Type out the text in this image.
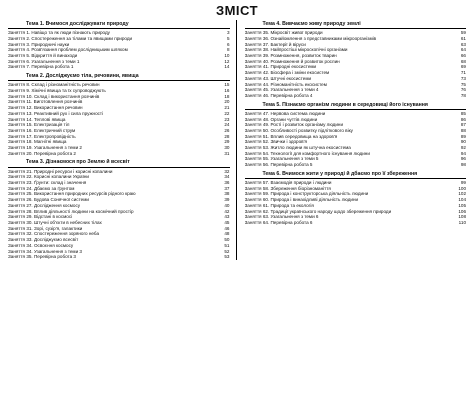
ЗМІСТ
Тема 1. Вчимося досліджувати природу
Заняття 1. Навіщо та як люди пізнають природу	3
Заняття 2. Спостереження за тілами та явищами природи	5
Заняття 3. Природничі науки	6
Заняття 4. Розв'язання проблем дослідницьким шляхом	8
Заняття 5. Відкриття й винаходи	10
Заняття 6. Узагальнення з теми 1	12
Заняття 7. Перевірна робота 1	14
Тема 2. Досліджуємо тіла, речовини, явища
Заняття 8. Склад і різноманітність речовин	15
Заняття 9. Хімічні явища та їх супроводжують	16
Заняття 10. Склад і використання розчинів	18
Заняття 11. Виготовлення розчинів	20
Заняття 12. Використання речовин	21
Заняття 13. Реактивний рух і сила пружності	22
Заняття 14. Теплові явища	23
Заняття 15. Електризація тіл	24
Заняття 16. Електричний струм	26
Заняття 17. Електропровідність	28
Заняття 18. Магнітні явища	29
Заняття 19. Узагальнення з теми 2	30
Заняття 20. Перевірна робота 2	31
Тема 3. Дізнаємося про Землю й всесвіт
Заняття 21. Природні ресурси і корисні копалини	32
Заняття 22. Корисні копалини України	34
Заняття 23. Ґрунти: склад і значення	36
Заняття 24. Дбаємо за ґрунтом	37
Заняття 25. Використання природних ресурсів рідного краю	38
Заняття 26. Будова Сонячної системи	39
Заняття 27. Дослідження космосу	40
Заняття 28. Вплив діяльності людини на космічний простір	42
Заняття 29. Відстані в космосі	43
Заняття 30. Штучні об'єкти в небесних тілах	45
Заняття 31. Зорі, сузір'я, галактики	46
Заняття 32. Спостереження зоряного неба	48
Заняття 33. Досліджуємо всесвіт	50
Заняття 34. Освоєння космосу	51
Заняття 34. Узагальнення з теми 3	52
Заняття 35. Перевірна робота 3	53
Тема 4. Вивчаємо живу природу землі
Заняття 35. Мікросвіт живої природи	59
Заняття 36. Ознайомлення з представниками мікроорганізмів	61
Заняття 37. Бактерії й віруси	63
Заняття 38. Найпростіші мікроскопічні організми	64
Заняття 39. Розмноження, розвиток тварин	66
Заняття 40. Розмноження й розвиток рослин	68
Заняття 41. Природні екосистеми	69
Заняття 42. Біосфера і зміни екосистем	71
Заняття 43. Штучні екосистеми	73
Заняття 44. Різноманітність екосистем	75
Заняття 45. Узагальнення з теми 4	76
Заняття 46. Перевірна робота 4	78
Тема 5. Пізнаємо організм людини в середовищі його існування
Заняття 47. Нервова система людини	85
Заняття 48. Органи чуттів людини	86
Заняття 49. Рості і розвиток організму людини	87
Заняття 50. Особливості розвитку підліткового віку	88
Заняття 51. Вплив середовища на здоров'я	89
Заняття 52. Звички і здоров'я	90
Заняття 53. Житло людини як штучна екосистема	92
Заняття 54. Технології для комфортного існування людини	94
Заняття 55. Узагальнення з теми 5	96
Заняття 56. Перевірна робота 5	98
Тема 6. Вчимося жити у природі й дбаємо про її збереження
Заняття 57. Взаємодія природи і людини	99
Заняття 58. Збереження біорізноманіття	100
Заняття 59. Природа і конструкторська діяльність людини	102
Заняття 60. Природа і винахідливі діяльність людини	104
Заняття 61. Природа та екологія	105
Заняття 62. Традиції українського народу щодо збереження природи	106
Заняття 63. Узагальнення з теми 6	108
Заняття 64. Перевірна робота 6	110
